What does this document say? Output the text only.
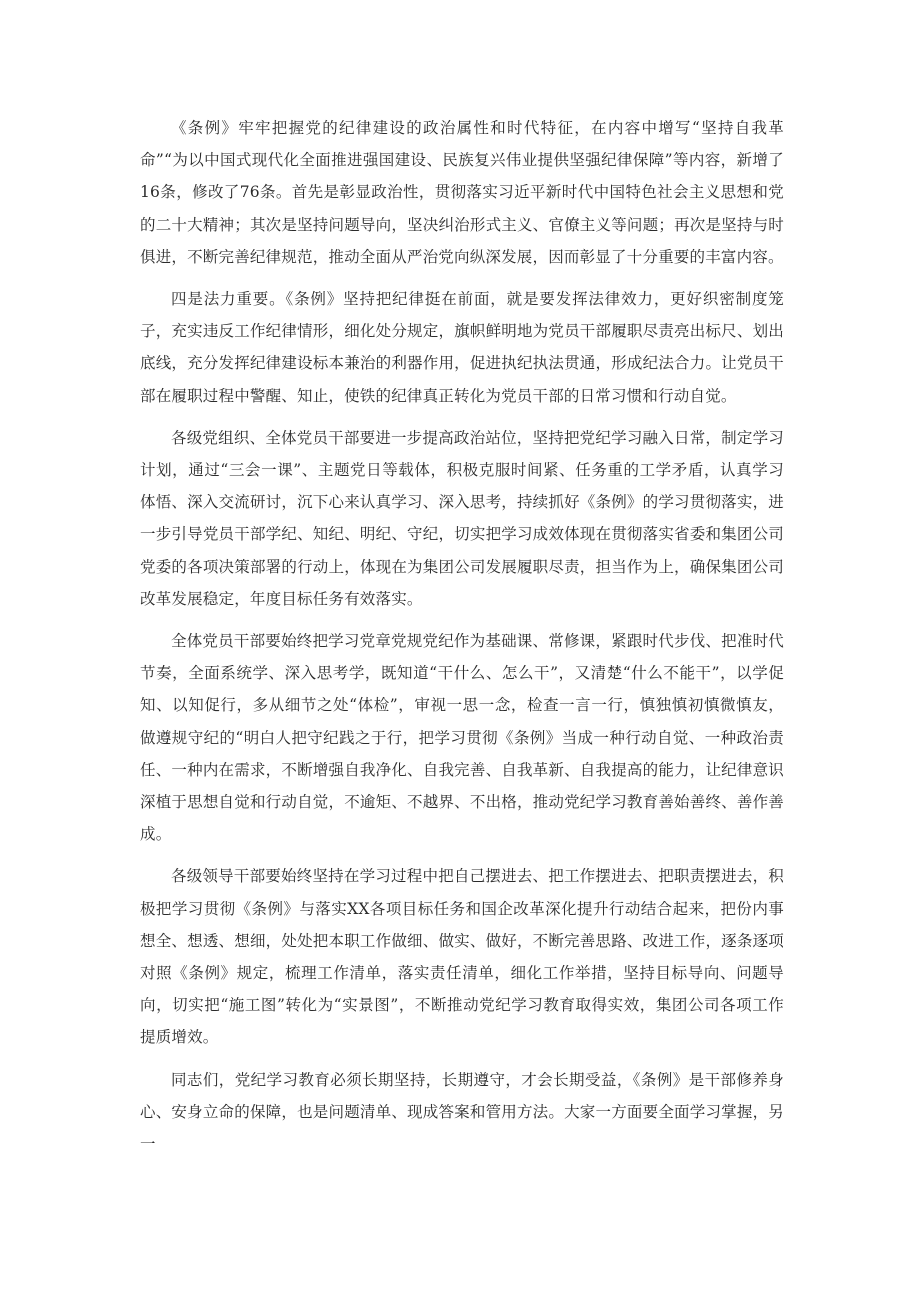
《条例》牢牢把握党的纪律建设的政治属性和时代特征，在内容中增写“坚持自我革命”“为以中国式现代化全面推进强国建设、民族复兴伟业提供坚强纪律保障”等内容，新增了16条，修改了76条。首先是彰显政治性，贯彻落实习近平新时代中国特色社会主义思想和党的二十大精神；其次是坚持问题导向，坚决纠治形式主义、官僚主义等问题；再次是坚持与时俱进，不断完善纪律规范，推动全面从严治党向纵深发展，因而彰显了十分重要的丰富内容。

四是法力重要。《条例》坚持把纪律挺在前面，就是要发挥法律效力，更好织密制度笼子，充实违反工作纪律情形，细化处分规定，旗帜鲜明地为党员干部履职尽责亮出标尺、划出底线，充分发挥纪律建设标本兼治的利器作用，促进执纪执法贯通，形成纪法合力。让党员干部在履职过程中警醒、知止，使铁的纪律真正转化为党员干部的日常习惯和行动自觉。

各级党组织、全体党员干部要进一步提高政治站位，坚持把党纪学习融入日常，制定学习计划，通过“三会一课”、主题党日等载体，积极克服时间紧、任务重的工学矛盾，认真学习体悟、深入交流研讨，沉下心来认真学习、深入思考，持续抓好《条例》的学习贯彻落实，进一步引导党员干部学纪、知纪、明纪、守纪，切实把学习成效体现在贯彻落实省委和集团公司党委的各项决策部署的行动上，体现在为集团公司发展履职尽责，担当作为上，确保集团公司改革发展稳定，年度目标任务有效落实。

全体党员干部要始终把学习党章党规党纪作为基础课、常修课，紧跟时代步伐、把准时代节奏，全面系统学、深入思考学，既知道“干什么、怎么干”，又清楚“什么不能干”，以学促知、以知促行，多从细节之处“体检”，审视一思一念，检查一言一行，慎独慎初慎微慎友，做遵规守纪的“明白人把守纪践之于行，把学习贯彻《条例》当成一种行动自觉、一种政治责任、一种内在需求，不断增强自我净化、自我完善、自我革新、自我提高的能力，让纪律意识深植于思想自觉和行动自觉，不逾矩、不越界、不出格，推动党纪学习教育善始善终、善作善成。

各级领导干部要始终坚持在学习过程中把自己摆进去、把工作摆进去、把职责摆进去，积极把学习贯彻《条例》与落实XX各项目标任务和国企改革深化提升行动结合起来，把份内事想全、想透、想细，处处把本职工作做细、做实、做好，不断完善思路、改进工作，逐条逐项对照《条例》规定，梳理工作清单，落实责任清单，细化工作举措，坚持目标导向、问题导向，切实把“施工图”转化为“实景图”，不断推动党纪学习教育取得实效，集团公司各项工作提质增效。

同志们，党纪学习教育必须长期坚持，长期遵守，才会长期受益，《条例》是干部修养身心、安身立命的保障，也是问题清单、现成答案和管用方法。大家一方面要全面学习掌握，另一
